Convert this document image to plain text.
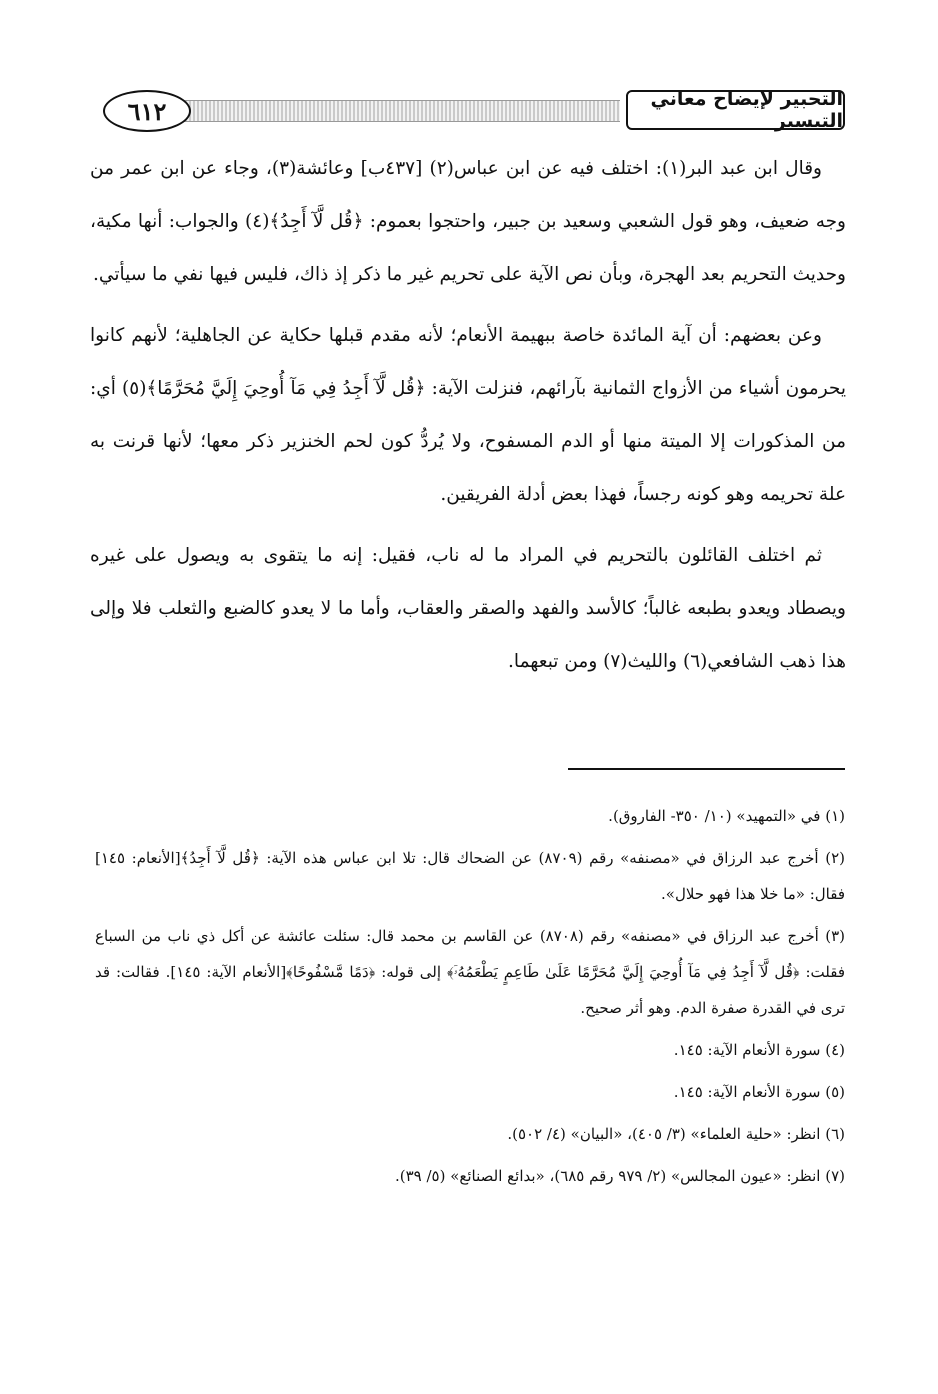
٦١٢	التحبير لإيضاح معاني التيسير

وقال ابن عبد البر(١): اختلف فيه عن ابن عباس(٢) [٤٣٧ب] وعائشة(٣)، وجاء عن ابن عمر من وجه ضعيف، وهو قول الشعبي وسعيد بن جبير، واحتجوا بعموم: ﴿قُل لَّآ أَجِدُ﴾(٤) والجواب: أنها مكية، وحديث التحريم بعد الهجرة، وبأن نص الآية على تحريم غير ما ذكر إذ ذاك، فليس فيها نفي ما سيأتي.

وعن بعضهم: أن آية المائدة خاصة ببهيمة الأنعام؛ لأنه مقدم قبلها حكاية عن الجاهلية؛ لأنهم كانوا يحرمون أشياء من الأزواج الثمانية بآرائهم، فنزلت الآية: ﴿قُل لَّآ أَجِدُ فِي مَآ أُوحِيَ إِلَيَّ مُحَرَّمًا﴾(٥) أي: من المذكورات إلا الميتة منها أو الدم المسفوح، ولا يُردُّ كون لحم الخنزير ذكر معها؛ لأنها قرنت به علة تحريمه وهو كونه رجساً، فهذا بعض أدلة الفريقين.

ثم اختلف القائلون بالتحريم في المراد ما له ناب، فقيل: إنه ما يتقوى به ويصول على غيره ويصطاد ويعدو بطبعه غالباً؛ كالأسد والفهد والصقر والعقاب، وأما ما لا يعدو كالضبع والثعلب فلا وإلى هذا ذهب الشافعي(٦) والليث(٧) ومن تبعهما.

(١) في «التمهيد» (١٠/ ٣٥٠- الفاروق).

(٢) أخرج عبد الرزاق في «مصنفه» رقم (٨٧٠٩) عن الضحاك قال: تلا ابن عباس هذه الآية: ﴿قُل لَّآ أَجِدُ﴾[الأنعام: ١٤٥] فقال: «ما خلا هذا فهو حلال».

(٣) أخرج عبد الرزاق في «مصنفه» رقم (٨٧٠٨) عن القاسم بن محمد قال: سئلت عائشة عن أكل ذي ناب من السباع فقلت: ﴿قُل لَّآ أَجِدُ فِي مَآ أُوحِيَ إِلَيَّ مُحَرَّمًا عَلَىٰ طَاعِمٍ يَطْعَمُهُۥٓ﴾ إلى قوله: ﴿دَمًا مَّسْفُوحًا﴾[الأنعام الآية: ١٤٥]. فقالت: قد ترى في القدرة صفرة الدم. وهو أثر صحيح.

(٤) سورة الأنعام الآية: ١٤٥.

(٥) سورة الأنعام الآية: ١٤٥.

(٦) انظر: «حلية العلماء» (٣/ ٤٠٥)، «البيان» (٤/ ٥٠٢).

(٧) انظر: «عيون المجالس» (٢/ ٩٧٩ رقم ٦٨٥)، «بدائع الصنائع» (٥/ ٣٩).
